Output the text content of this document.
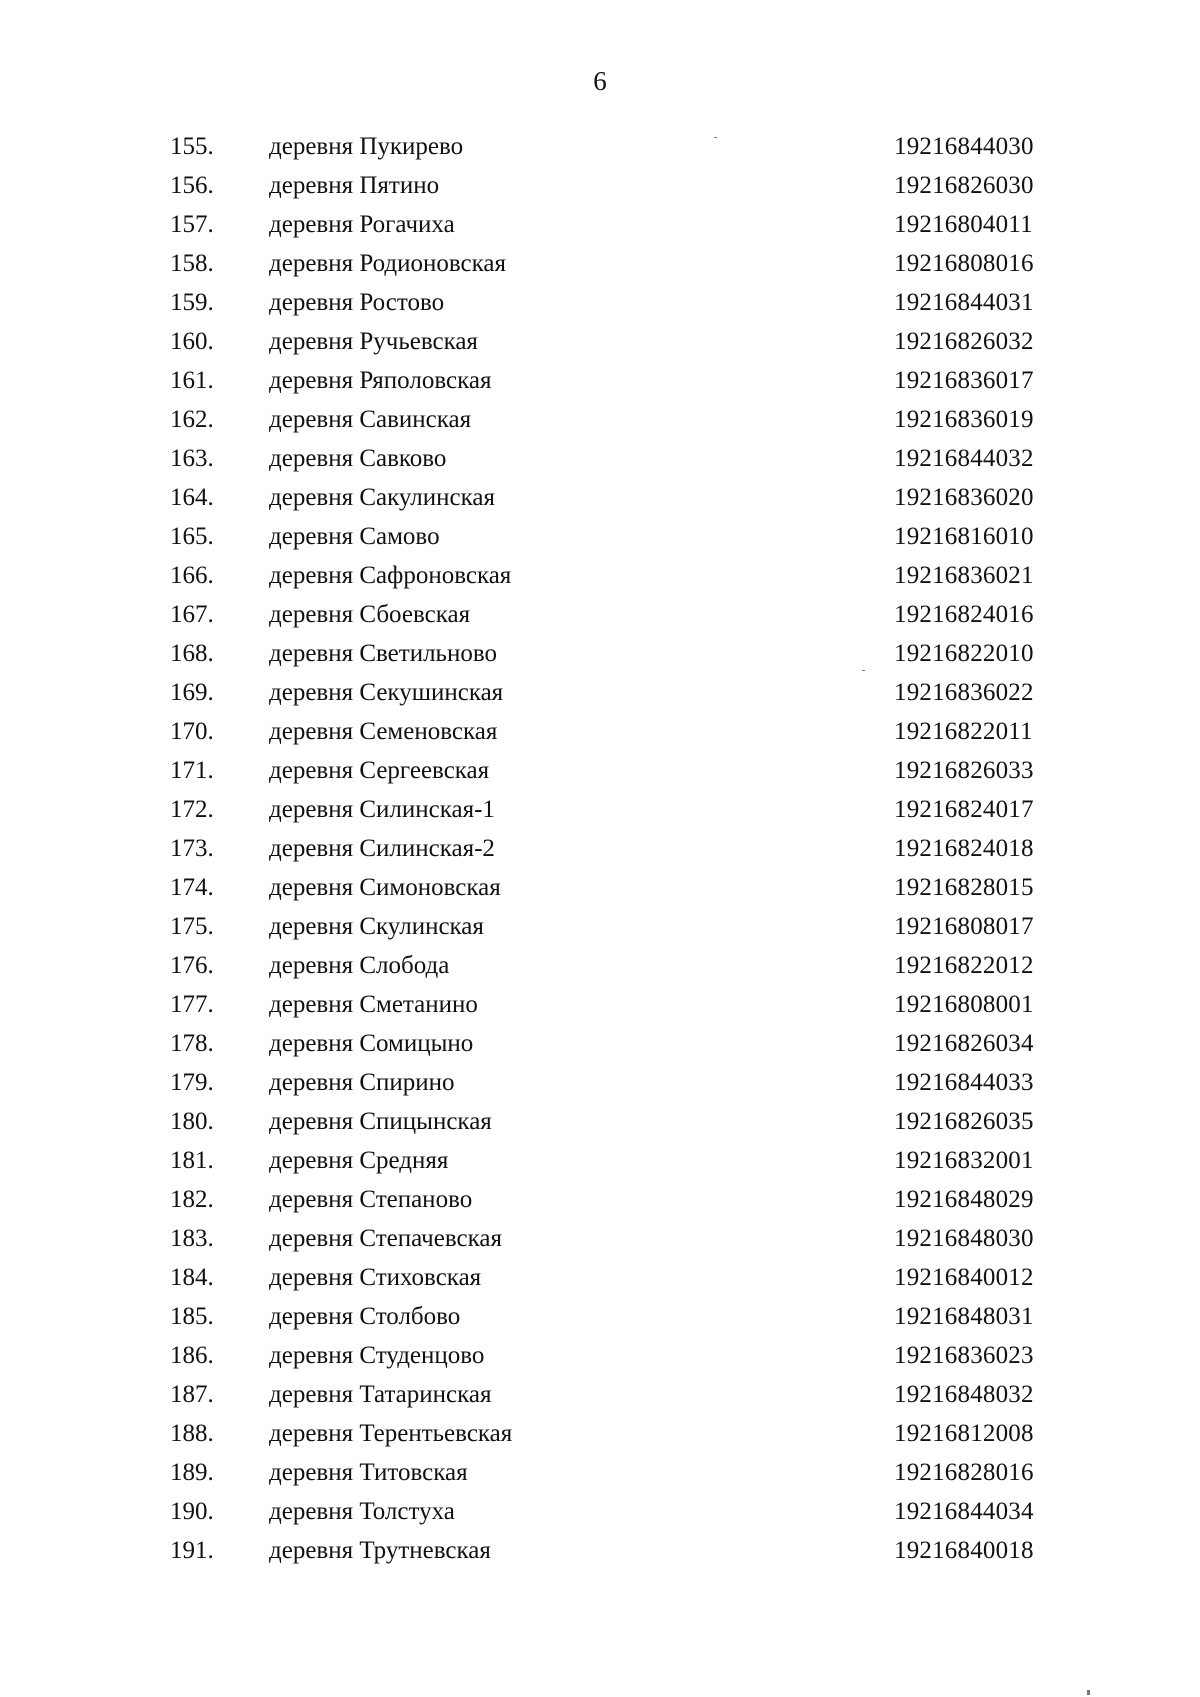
6
155. деревня Пукирево	19216844030
156. деревня Пятино	19216826030
157. деревня Рогачиха	19216804011
158. деревня Родионовская	19216808016
159. деревня Ростово	19216844031
160. деревня Ручьевская	19216826032
161. деревня Ряполовская	19216836017
162. деревня Савинская	19216836019
163. деревня Савково	19216844032
164. деревня Сакулинская	19216836020
165. деревня Самово	19216816010
166. деревня Сафроновская	19216836021
167. деревня Сбоевская	19216824016
168. деревня Светильново	19216822010
169. деревня Секушинская	19216836022
170. деревня Семеновская	19216822011
171. деревня Сергеевская	19216826033
172. деревня Силинская-1	19216824017
173. деревня Силинская-2	19216824018
174. деревня Симоновская	19216828015
175. деревня Скулинская	19216808017
176. деревня Слобода	19216822012
177. деревня Сметанино	19216808001
178. деревня Сомицыно	19216826034
179. деревня Спирино	19216844033
180. деревня Спицынская	19216826035
181. деревня Средняя	19216832001
182. деревня Степаново	19216848029
183. деревня Степачевская	19216848030
184. деревня Стиховская	19216840012
185. деревня Столбово	19216848031
186. деревня Студенцово	19216836023
187. деревня Татаринская	19216848032
188. деревня Терентьевская	19216812008
189. деревня Титовская	19216828016
190. деревня Толстуха	19216844034
191. деревня Трутневская	19216840018
